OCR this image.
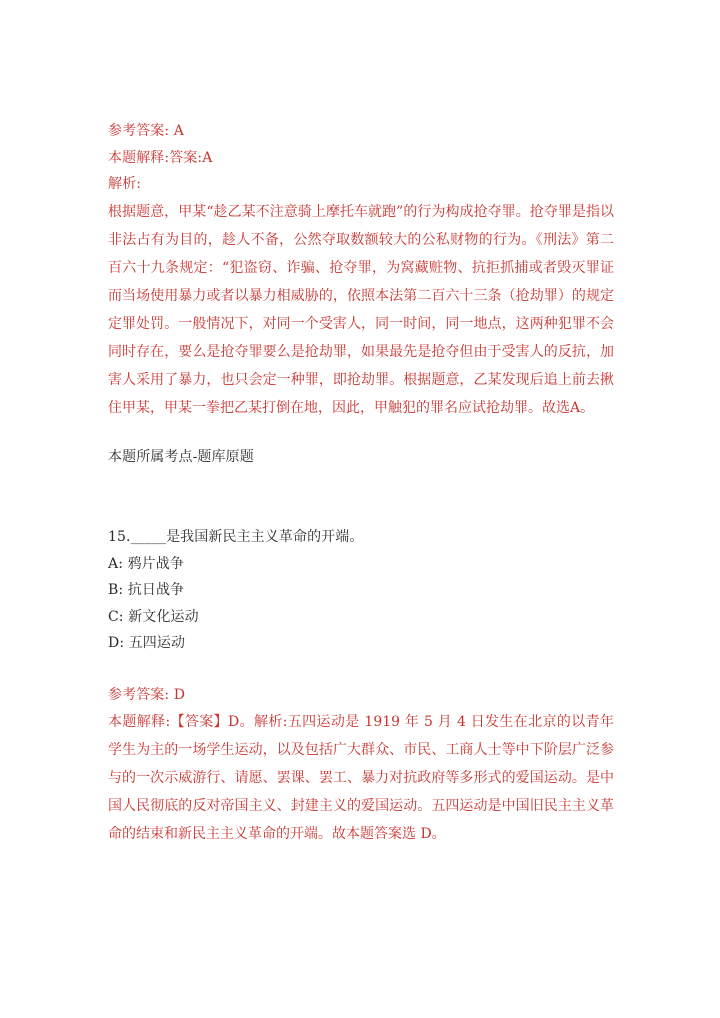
参考答案: A

本题解释:答案:A

解析:

根据题意，甲某“趁乙某不注意骑上摩托车就跑”的行为构成抢夺罪。抢夺罪是指以非法占有为目的，趁人不备，公然夺取数额较大的公私财物的行为。《刑法》第二百六十九条规定：“犯盗窃、诈骗、抢夺罪，为窝藏赃物、抗拒抓捕或者毁灭罪证而当场使用暴力或者以暴力相威胁的，依照本法第二百六十三条（抢劫罪）的规定定罪处罚。一般情况下，对同一个受害人，同一时间，同一地点，这两种犯罪不会同时存在，要么是抢夺罪要么是抢劫罪，如果最先是抢夺但由于受害人的反抗，加害人采用了暴力，也只会定一种罪，即抢劫罪。根据题意，乙某发现后追上前去揪住甲某，甲某一拳把乙某打倒在地，因此，甲触犯的罪名应试抢劫罪。故选A。

本题所属考点-题库原题

15._____是我国新民主主义革命的开端。

A: 鸦片战争

B: 抗日战争

C: 新文化运动

D: 五四运动

参考答案: D

本题解释:【答案】D。解析:五四运动是 1919 年 5 月 4 日发生在北京的以青年学生为主的一场学生运动，以及包括广大群众、市民、工商人士等中下阶层广泛参与的一次示威游行、请愿、罢课、罢工、暴力对抗政府等多形式的爱国运动。是中国人民彻底的反对帝国主义、封建主义的爱国运动。五四运动是中国旧民主主义革命的结束和新民主主义革命的开端。故本题答案选 D。
